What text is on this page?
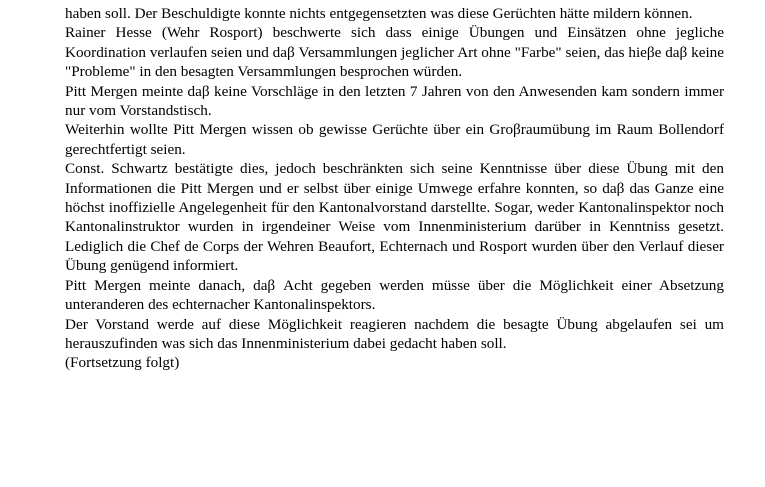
haben soll. Der Beschuldigte konnte nichts entgegensetzten was diese Gerüchten hätte mildern können.

Rainer Hesse (Wehr Rosport) beschwerte sich dass einige Übungen und Einsätzen ohne jegliche Koordination verlaufen seien und daβ Versammlungen jeglicher Art ohne "Farbe" seien, das hieβe daβ keine "Probleme" in den besagten Versammlungen besprochen würden.

Pitt Mergen meinte daβ keine Vorschläge in den letzten 7 Jahren von den Anwesenden kam sondern immer nur vom Vorstandstisch.

Weiterhin wollte Pitt Mergen wissen ob gewisse Gerüchte über ein Groβraumübung im Raum Bollendorf gerechtfertigt seien.

Const. Schwartz bestätigte dies, jedoch beschränkten sich seine Kenntnisse über diese Übung mit den Informationen die Pitt Mergen und er selbst über einige Umwege erfahre konnten, so daβ das Ganze eine höchst inoffizielle Angelegenheit für den Kantonalvorstand darstellte. Sogar, weder Kantonalinspektor noch Kantonalinstruktor wurden in irgendeiner Weise vom Innenministerium darüber in Kenntniss gesetzt. Lediglich die Chef de Corps der Wehren Beaufort, Echternach und Rosport wurden über den Verlauf dieser Übung genügend informiert.

Pitt Mergen meinte danach, daβ Acht gegeben werden müsse über die Möglichkeit einer Absetzung unteranderen des echternacher Kantonalinspektors.

Der Vorstand werde auf diese Möglichkeit reagieren nachdem die besagte Übung abgelaufen sei um herauszufinden was sich das Innenministerium dabei gedacht haben soll.

(Fortsetzung folgt)
